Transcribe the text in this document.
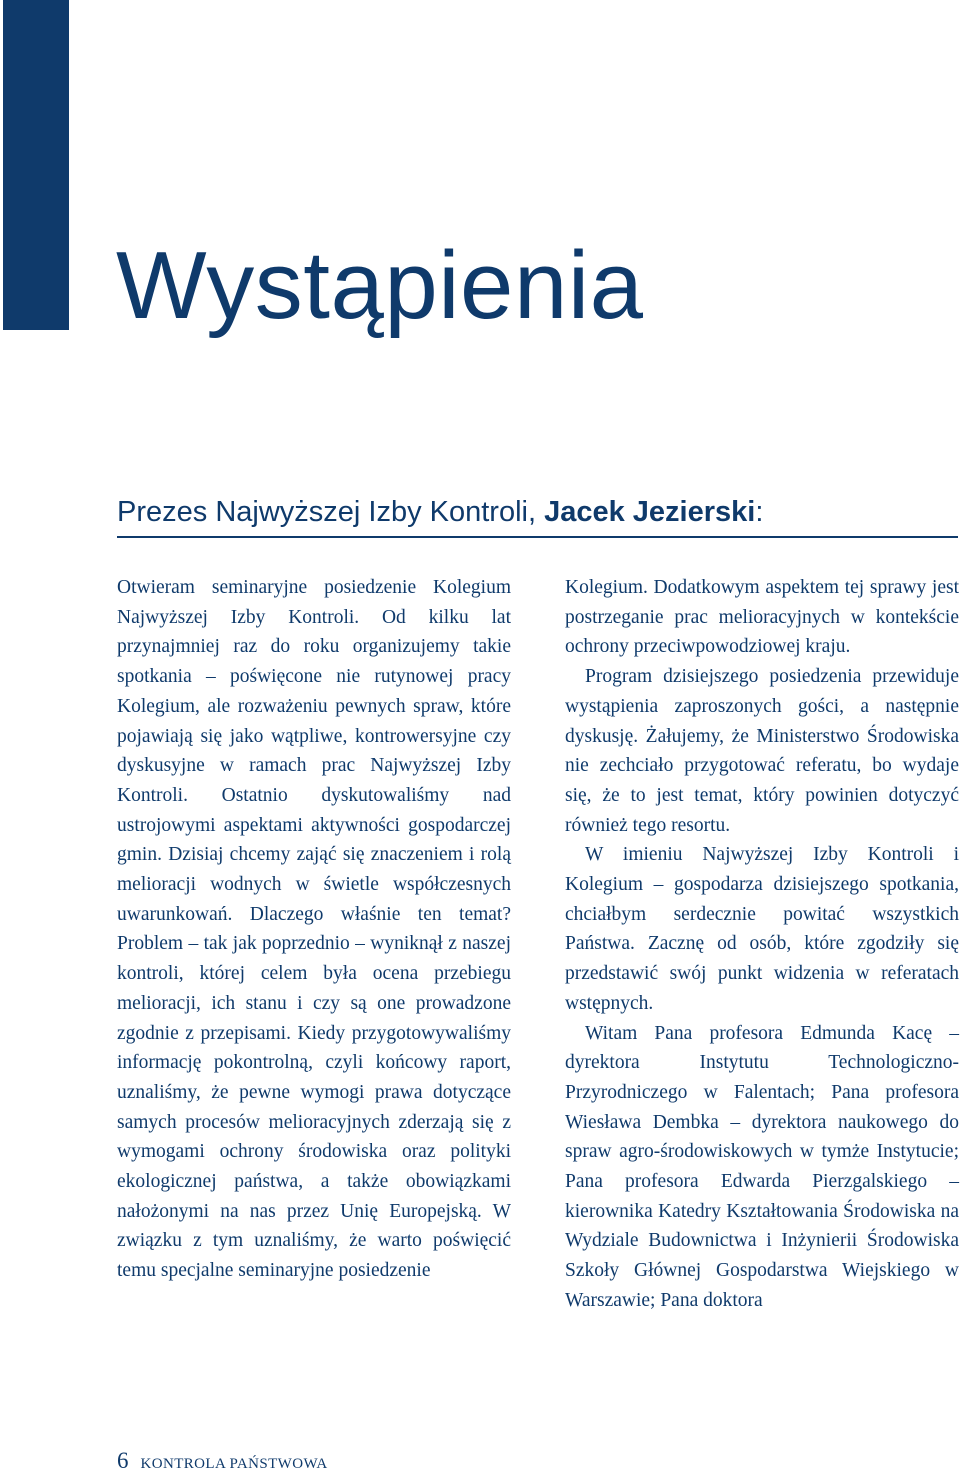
Wystąpienia
Prezes Najwyższej Izby Kontroli, Jacek Jezierski:

Otwieram seminaryjne posiedzenie Kolegium Najwyższej Izby Kontroli. Od kilku lat przynajmniej raz do roku organizujemy takie spotkania – poświęcone nie rutynowej pracy Kolegium, ale rozważeniu pewnych spraw, które pojawiają się jako wątpliwe, kontrowersyjne czy dyskusyjne w ramach prac Najwyższej Izby Kontroli. Ostatnio dyskutowaliśmy nad ustrojowymi aspektami aktywności gospodarczej gmin. Dzisiaj chcemy zająć się znaczeniem i rolą melioracji wodnych w świetle współczesnych uwarunkowań. Dlaczego właśnie ten temat? Problem – tak jak poprzednio – wyniknął z naszej kontroli, której celem była ocena przebiegu melioracji, ich stanu i czy są one prowadzone zgodnie z przepisami. Kiedy przygotowywaliśmy informację pokontrolną, czyli końcowy raport, uznaliśmy, że pewne wymogi prawa dotyczące samych procesów melioracyjnych zderzają się z wymogami ochrony środowiska oraz polityki ekologicznej państwa, a także obowiązkami nałożonymi na nas przez Unię Europejską. W związku z tym uznaliśmy, że warto poświęcić temu specjalne seminaryjne posiedzenie

Kolegium. Dodatkowym aspektem tej sprawy jest postrzeganie prac melioracyjnych w kontekście ochrony przeciwpowodziowej kraju.

Program dzisiejszego posiedzenia przewiduje wystąpienia zaproszonych gości, a następnie dyskusję. Żałujemy, że Ministerstwo Środowiska nie zechciało przygotować referatu, bo wydaje się, że to jest temat, który powinien dotyczyć również tego resortu.

W imieniu Najwyższej Izby Kontroli i Kolegium – gospodarza dzisiejszego spotkania, chciałbym serdecznie powitać wszystkich Państwa. Zacznę od osób, które zgodziły się przedstawić swój punkt widzenia w referatach wstępnych.

Witam Pana profesora Edmunda Kacę – dyrektora Instytutu Technologiczno-Przyrodniczego w Falentach; Pana profesora Wiesława Dembka – dyrektora naukowego do spraw agro-środowiskowych w tymże Instytucie; Pana profesora Edwarda Pierzgalskiego – kierownika Katedry Kształtowania Środowiska na Wydziale Budownictwa i Inżynierii Środowiska Szkoły Głównej Gospodarstwa Wiejskiego w Warszawie; Pana doktora

6 KONTROLA PAŃSTWOWA
